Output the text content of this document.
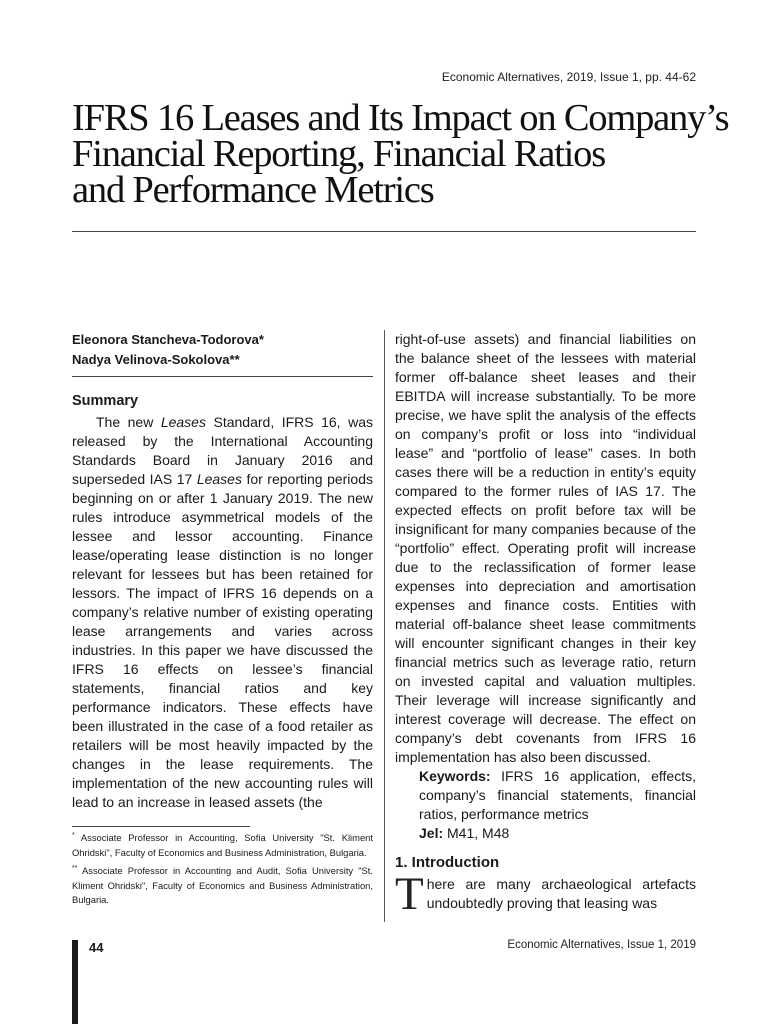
Economic Alternatives, 2019, Issue 1, pp. 44-62
IFRS 16 Leases and Its Impact on Company’s
Financial Reporting, Financial Ratios
and Performance Metrics
Eleonora Stancheva-Todorova*
Nadya Velinova-Sokolova**
Summary

The new Leases Standard, IFRS 16, was released by the International Accounting Standards Board in January 2016 and superseded IAS 17 Leases for reporting periods beginning on or after 1 January 2019. The new rules introduce asymmetrical models of the lessee and lessor accounting. Finance lease/operating lease distinction is no longer relevant for lessees but has been retained for lessors. The impact of IFRS 16 depends on a company’s relative number of existing operating lease arrangements and varies across industries. In this paper we have discussed the IFRS 16 effects on lessee’s financial statements, financial ratios and key performance indicators. These effects have been illustrated in the case of a food retailer as retailers will be most heavily impacted by the changes in the lease requirements. The implementation of the new accounting rules will lead to an increase in leased assets (the

* Associate Professor in Accounting, Sofia University "St. Kliment Ohridski", Faculty of Economics and Business Administration, Bulgaria.

** Associate Professor in Accounting and Audit, Sofia University "St. Kliment Ohridski", Faculty of Economics and Business Administration, Bulgaria.

right-of-use assets) and financial liabilities on the balance sheet of the lessees with material former off-balance sheet leases and their EBITDA will increase substantially. To be more precise, we have split the analysis of the effects on company’s profit or loss into “individual lease” and “portfolio of lease” cases. In both cases there will be a reduction in entity’s equity compared to the former rules of IAS 17. The expected effects on profit before tax will be insignificant for many companies because of the “portfolio” effect. Operating profit will increase due to the reclassification of former lease expenses into depreciation and amortisation expenses and finance costs. Entities with material off-balance sheet lease commitments will encounter significant changes in their key financial metrics such as leverage ratio, return on invested capital and valuation multiples. Their leverage will increase significantly and interest coverage will decrease. The effect on company’s debt covenants from IFRS 16 implementation has also been discussed.

Keywords: IFRS 16 application, effects, company’s financial statements, financial ratios, performance metrics

Jel: M41, M48

1. Introduction

There are many archaeological artefacts undoubtedly proving that leasing was

44	Economic Alternatives, Issue 1, 2019
